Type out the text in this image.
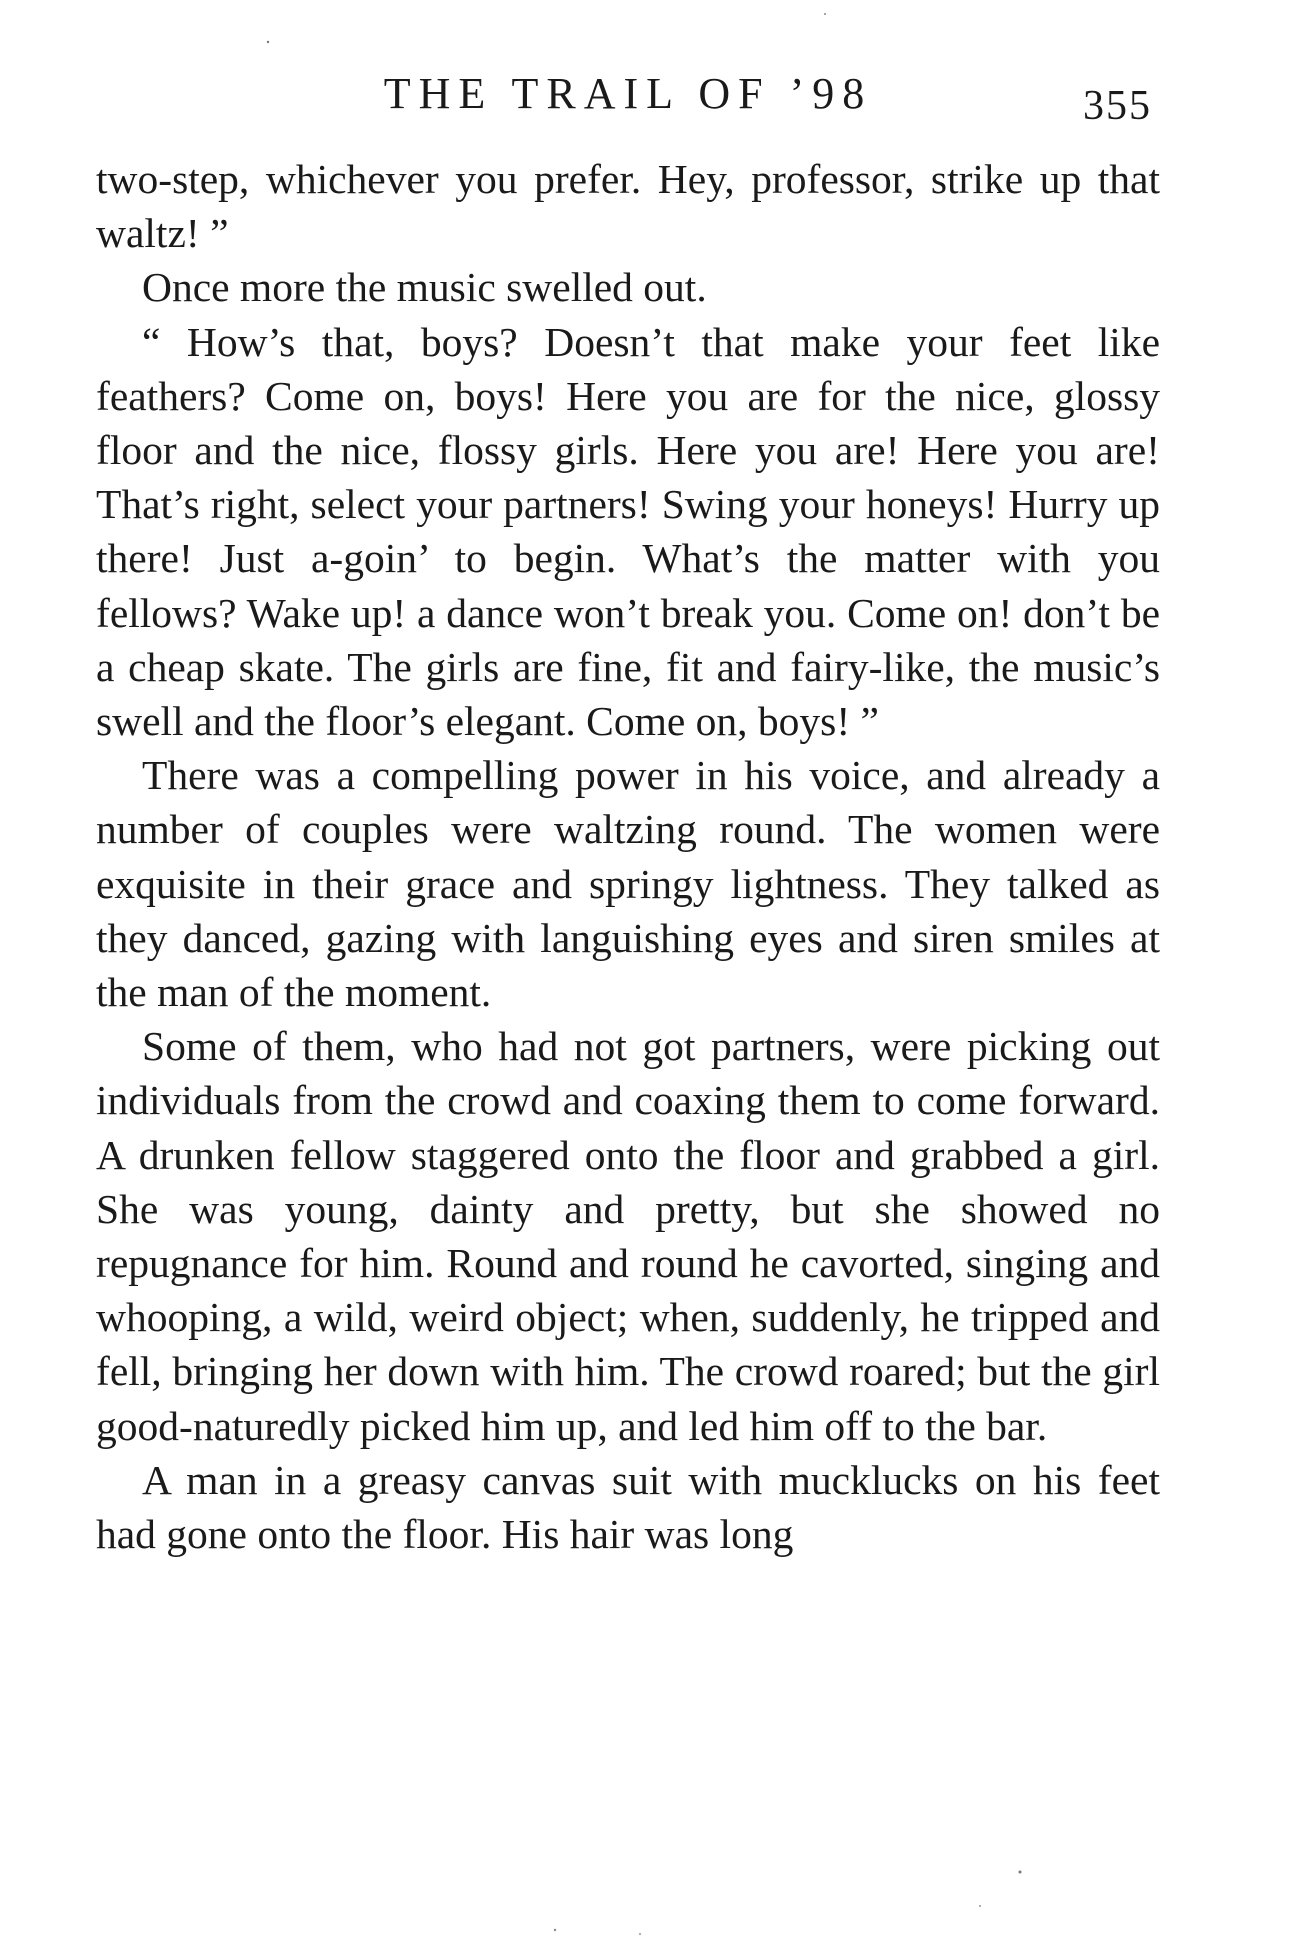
THE TRAIL OF ’98	355

two-step, whichever you prefer. Hey, professor, strike up that waltz! ”

Once more the music swelled out.

“ How’s that, boys? Doesn’t that make your feet like feathers? Come on, boys! Here you are for the nice, glossy floor and the nice, flossy girls. Here you are! Here you are! That’s right, select your partners! Swing your honeys! Hurry up there! Just a-goin’ to begin. What’s the matter with you fellows? Wake up! a dance won’t break you. Come on! don’t be a cheap skate. The girls are fine, fit and fairy-like, the music’s swell and the floor’s elegant. Come on, boys! ”

There was a compelling power in his voice, and already a number of couples were waltzing round. The women were exquisite in their grace and springy lightness. They talked as they danced, gazing with languishing eyes and siren smiles at the man of the moment.

Some of them, who had not got partners, were picking out individuals from the crowd and coaxing them to come forward. A drunken fellow staggered onto the floor and grabbed a girl. She was young, dainty and pretty, but she showed no repugnance for him. Round and round he cavorted, singing and whooping, a wild, weird object; when, suddenly, he tripped and fell, bringing her down with him. The crowd roared; but the girl good-naturedly picked him up, and led him off to the bar.

A man in a greasy canvas suit with mucklucks on his feet had gone onto the floor. His hair was long
